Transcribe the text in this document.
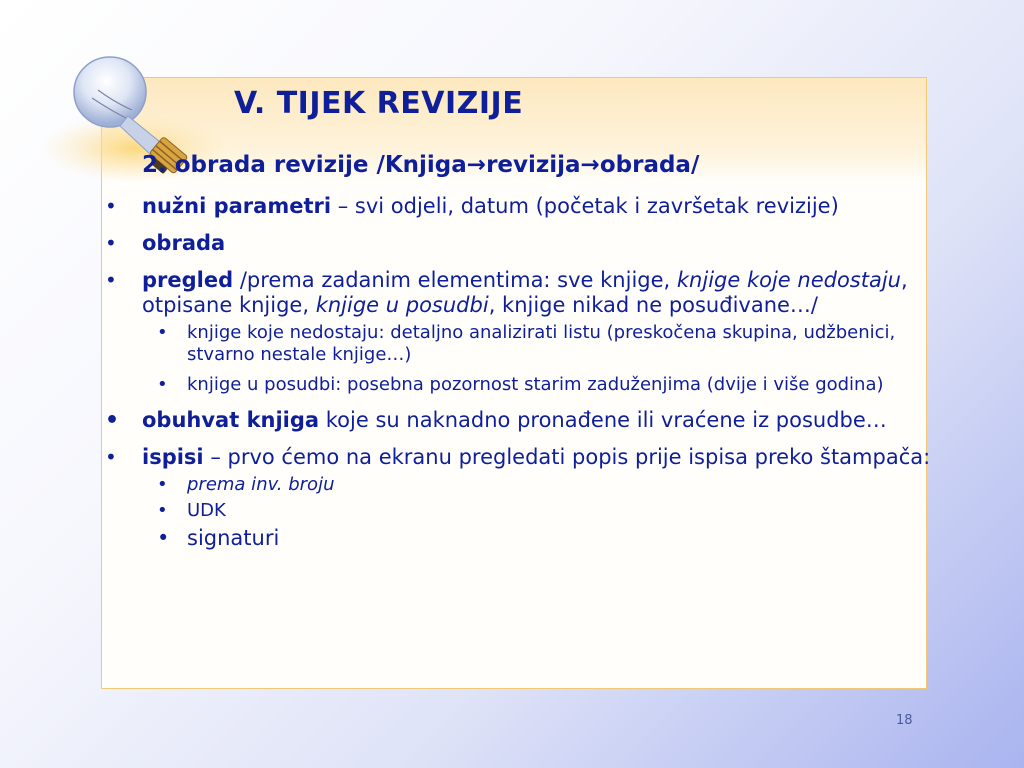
V. TIJEK REVIZIJE
2. obrada revizije /Knjiga→revizija→obrada/
• nužni parametri – svi odjeli, datum (početak i završetak revizije)
• obrada
• pregled /prema zadanim elementima: sve knjige, knjige koje nedostaju, otpisane knjige, knjige u posudbi, knjige nikad ne posuđivane…/
• knjige koje nedostaju: detaljno analizirati listu (preskočena skupina, udžbenici, stvarno nestale knjige…)
• knjige u posudbi: posebna pozornost starim zaduženjima (dvije i više godina)
• obuhvat knjiga koje su naknadno pronađene ili vraćene iz posudbe…
• ispisi – prvo ćemo na ekranu pregledati popis prije ispisa preko štampača:
• prema inv. broju
• UDK
• signaturi
18
